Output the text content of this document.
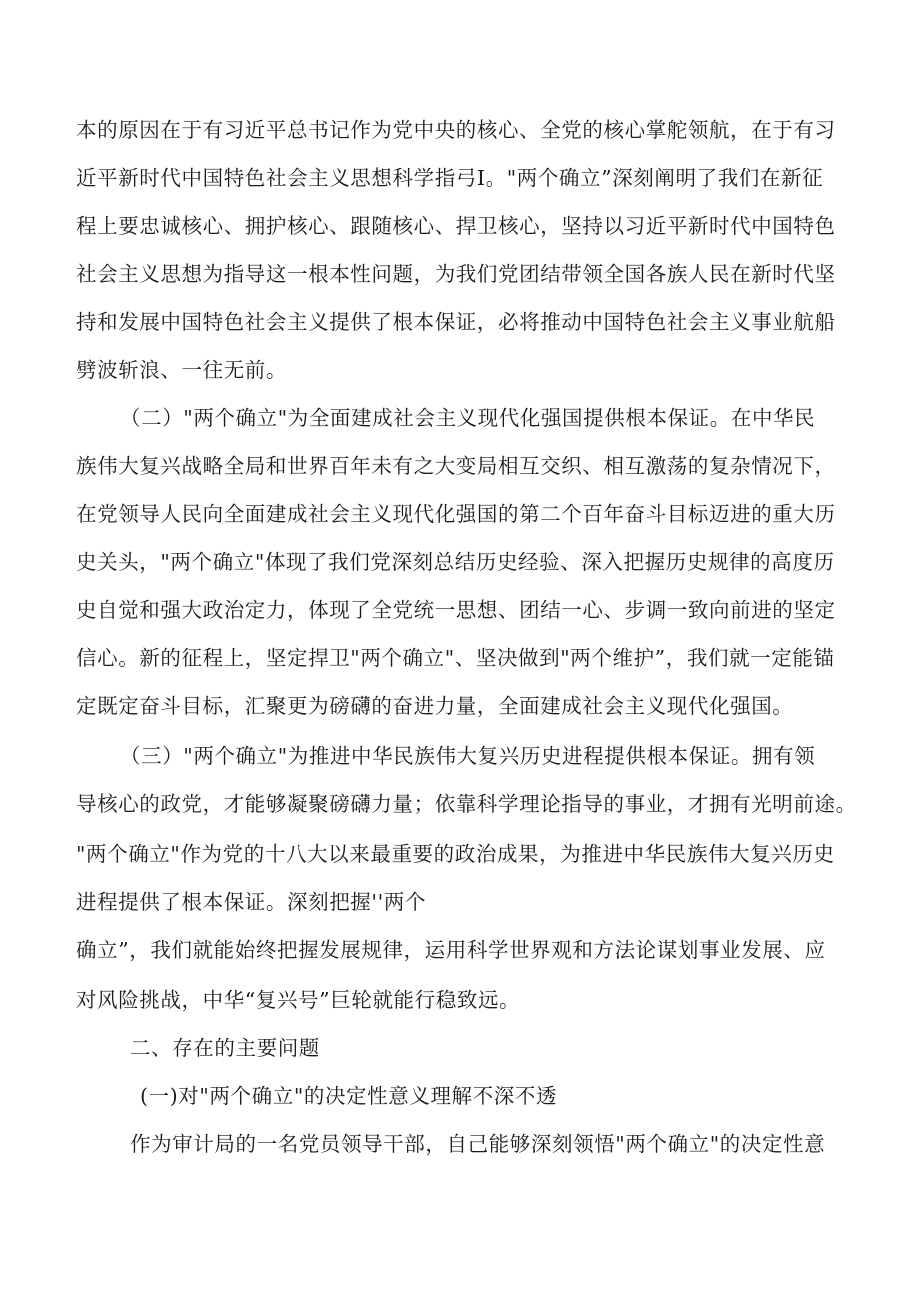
本的原因在于有习近平总书记作为党中央的核心、全党的核心掌舵领航，在于有习
近平新时代中国特色社会主义思想科学指弓Ⅰ。"两个确立”深刻阐明了我们在新征
程上要忠诚核心、拥护核心、跟随核心、捍卫核心，坚持以习近平新时代中国特色
社会主义思想为指导这一根本性问题，为我们党团结带领全国各族人民在新时代坚
持和发展中国特色社会主义提供了根本保证，必将推动中国特色社会主义事业航船
劈波斩浪、一往无前。
（二）"两个确立"为全面建成社会主义现代化强国提供根本保证。在中华民
族伟大复兴战略全局和世界百年未有之大变局相互交织、相互激荡的复杂情况下，
在党领导人民向全面建成社会主义现代化强国的第二个百年奋斗目标迈进的重大历
史关头，"两个确立"体现了我们党深刻总结历史经验、深入把握历史规律的高度历
史自觉和强大政治定力，体现了全党统一思想、团结一心、步调一致向前进的坚定
信心。新的征程上，坚定捍卫"两个确立"、坚决做到"两个维护”，我们就一定能锚
定既定奋斗目标，汇聚更为磅礴的奋进力量，全面建成社会主义现代化强国。
（三）"两个确立"为推进中华民族伟大复兴历史进程提供根本保证。拥有领
导核心的政党，才能够凝聚磅礴力量；依靠科学理论指导的事业，才拥有光明前途。
"两个确立"作为党的十八大以来最重要的政治成果，为推进中华民族伟大复兴历史
进程提供了根本保证。深刻把握''两个
确立”，我们就能始终把握发展规律，运用科学世界观和方法论谋划事业发展、应
对风险挑战，中华“复兴号”巨轮就能行稳致远。
二、存在的主要问题
(一)对"两个确立"的决定性意义理解不深不透
作为审计局的一名党员领导干部，自己能够深刻领悟"两个确立"的决定性意
